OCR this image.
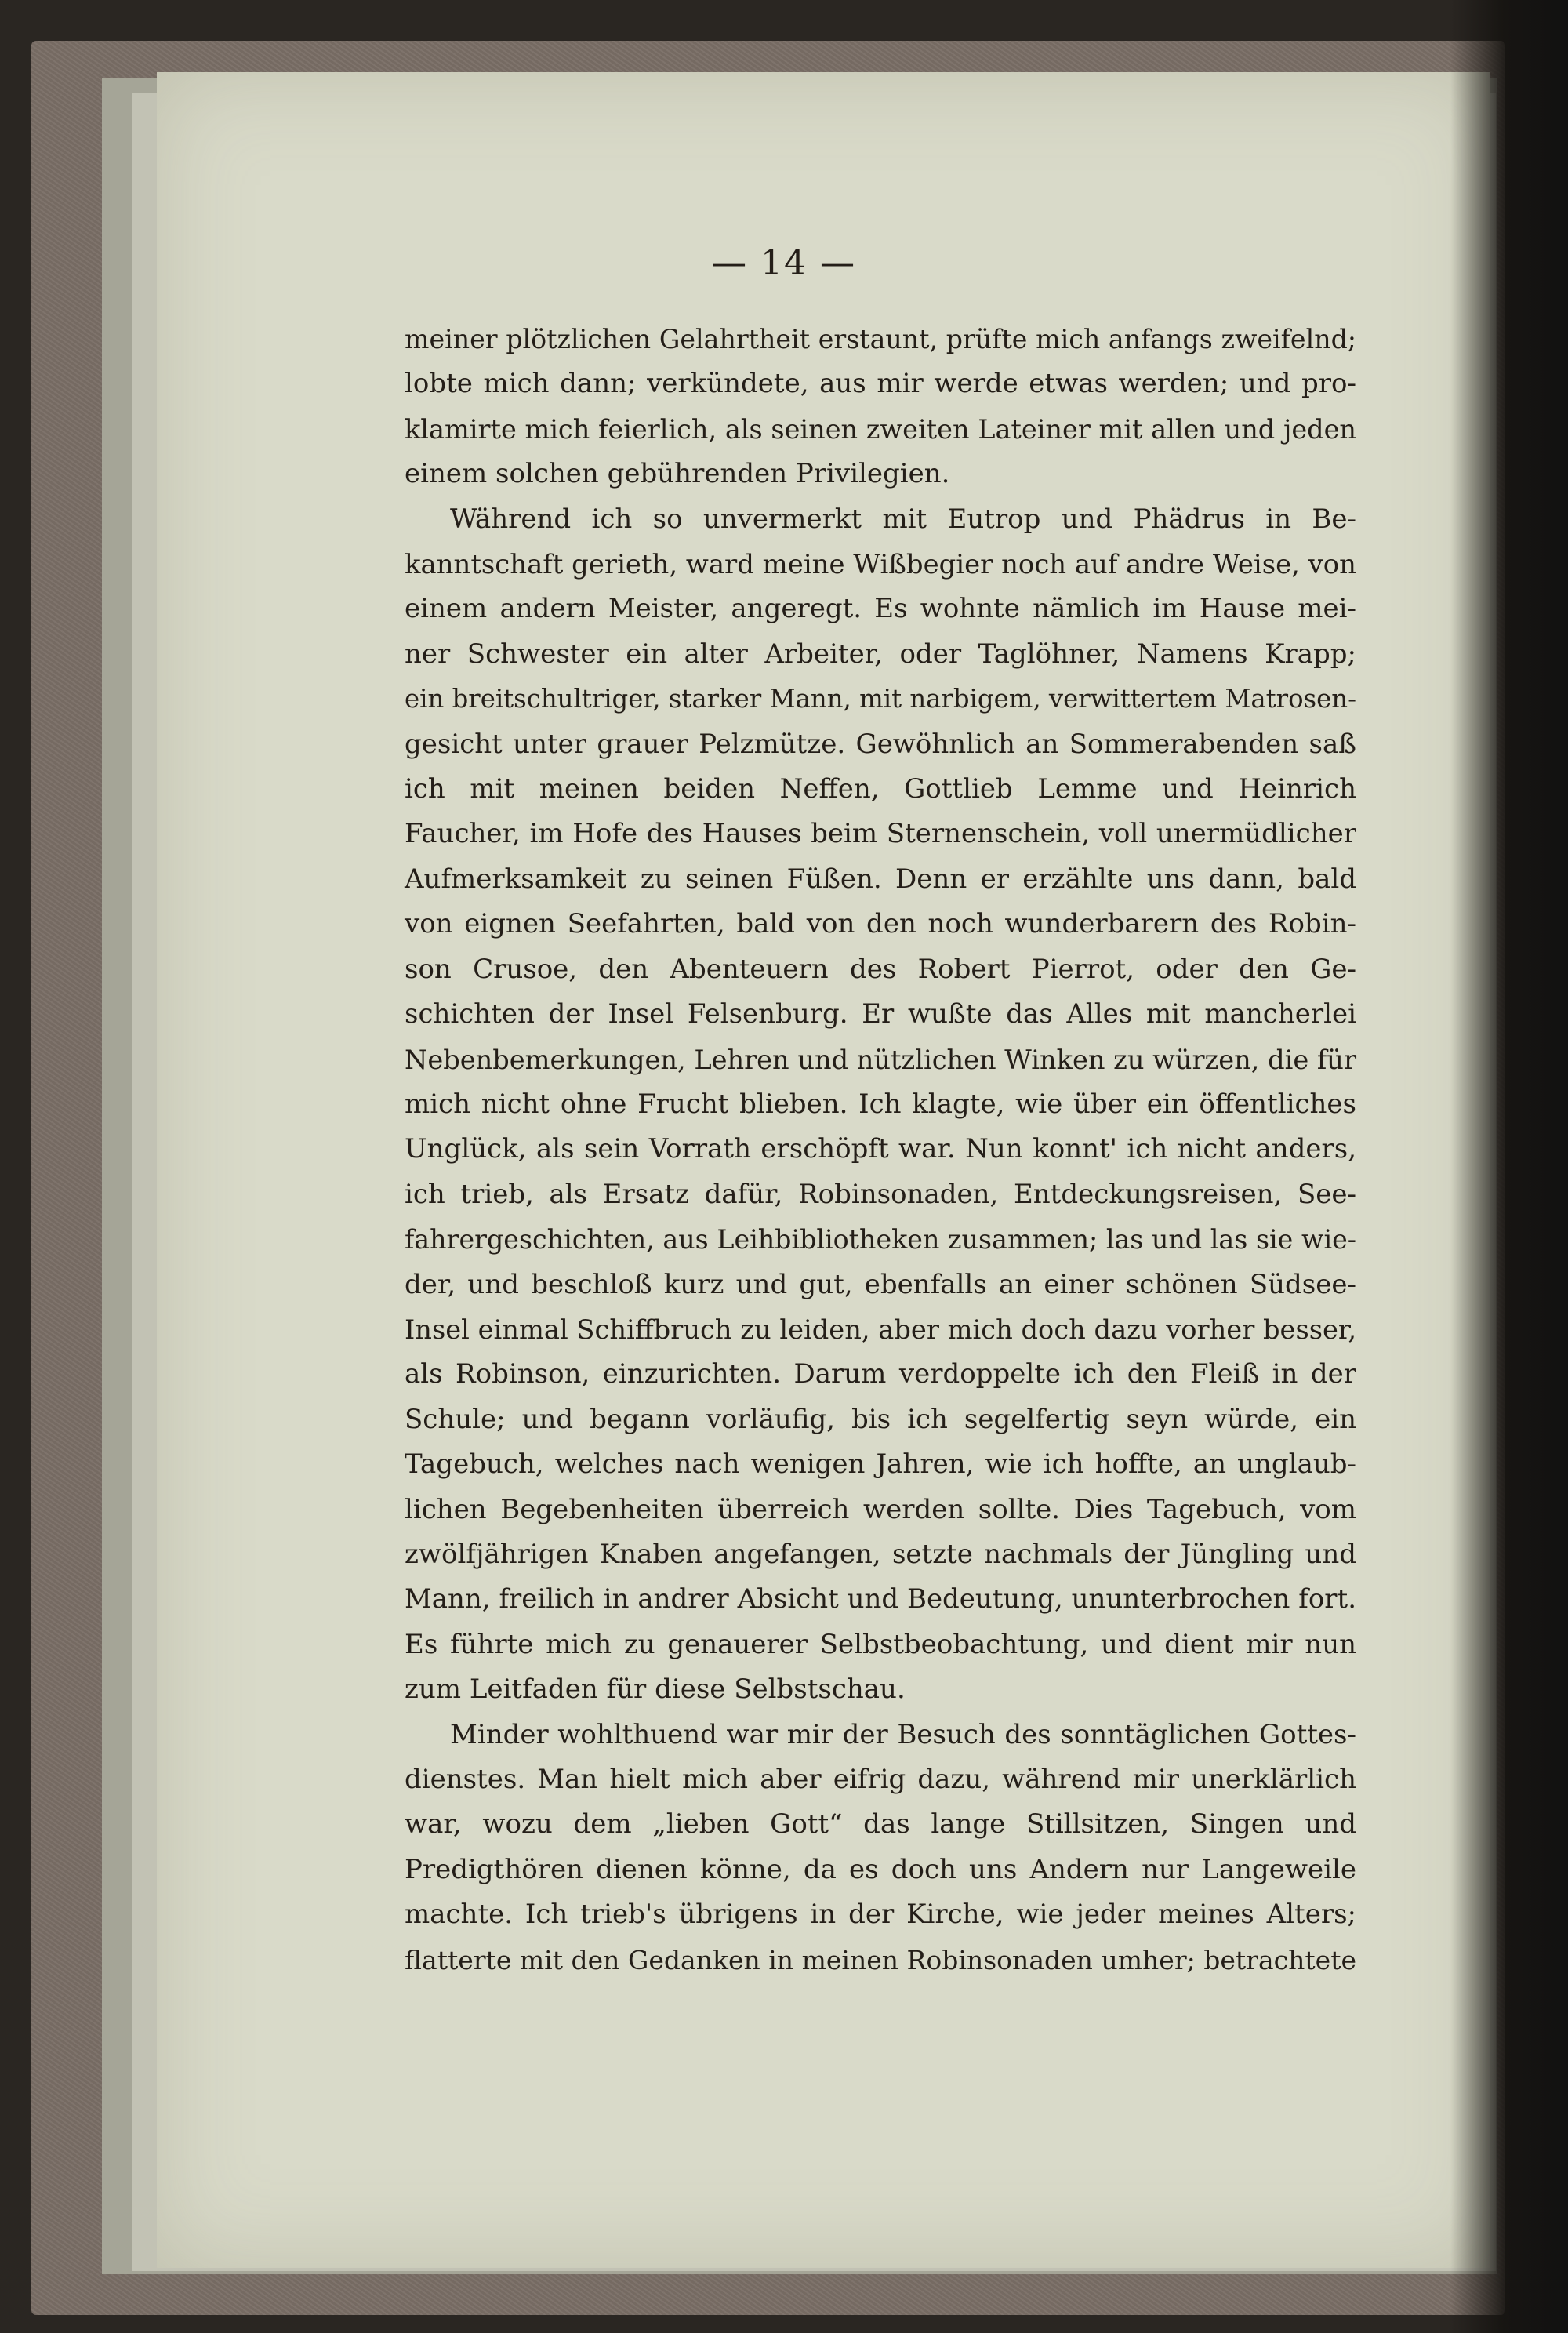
— 14 —

meiner plötzlichen Gelahrtheit erstaunt, prüfte mich anfangs zweifelnd;

lobte mich dann; verkündete, aus mir werde etwas werden; und pro-

klamirte mich feierlich, als seinen zweiten Lateiner mit allen und jeden

einem solchen gebührenden Privilegien.

Während ich so unvermerkt mit Eutrop und Phädrus in Be-

kanntschaft gerieth, ward meine Wißbegier noch auf andre Weise, von

einem andern Meister, angeregt. Es wohnte nämlich im Hause mei-

ner Schwester ein alter Arbeiter, oder Taglöhner, Namens Krapp;

ein breitschultriger, starker Mann, mit narbigem, verwittertem Matrosen-

gesicht unter grauer Pelzmütze. Gewöhnlich an Sommerabenden saß

ich mit meinen beiden Neffen, Gottlieb Lemme und Heinrich

Faucher, im Hofe des Hauses beim Sternenschein, voll unermüdlicher

Aufmerksamkeit zu seinen Füßen. Denn er erzählte uns dann, bald

von eignen Seefahrten, bald von den noch wunderbarern des Robin-

son Crusoe, den Abenteuern des Robert Pierrot, oder den Ge-

schichten der Insel Felsenburg. Er wußte das Alles mit mancherlei

Nebenbemerkungen, Lehren und nützlichen Winken zu würzen, die für

mich nicht ohne Frucht blieben. Ich klagte, wie über ein öffentliches

Unglück, als sein Vorrath erschöpft war. Nun konnt' ich nicht anders,

ich trieb, als Ersatz dafür, Robinsonaden, Entdeckungsreisen, See-

fahrergeschichten, aus Leihbibliotheken zusammen; las und las sie wie-

der, und beschloß kurz und gut, ebenfalls an einer schönen Südsee-

Insel einmal Schiffbruch zu leiden, aber mich doch dazu vorher besser,

als Robinson, einzurichten. Darum verdoppelte ich den Fleiß in der

Schule; und begann vorläufig, bis ich segelfertig seyn würde, ein

Tagebuch, welches nach wenigen Jahren, wie ich hoffte, an unglaub-

lichen Begebenheiten überreich werden sollte. Dies Tagebuch, vom

zwölfjährigen Knaben angefangen, setzte nachmals der Jüngling und

Mann, freilich in andrer Absicht und Bedeutung, ununterbrochen fort.

Es führte mich zu genauerer Selbstbeobachtung, und dient mir nun

zum Leitfaden für diese Selbstschau.

Minder wohlthuend war mir der Besuch des sonntäglichen Gottes-

dienstes. Man hielt mich aber eifrig dazu, während mir unerklärlich

war, wozu dem „lieben Gott“ das lange Stillsitzen, Singen und

Predigthören dienen könne, da es doch uns Andern nur Langeweile

machte. Ich trieb's übrigens in der Kirche, wie jeder meines Alters;

flatterte mit den Gedanken in meinen Robinsonaden umher; betrachtete
